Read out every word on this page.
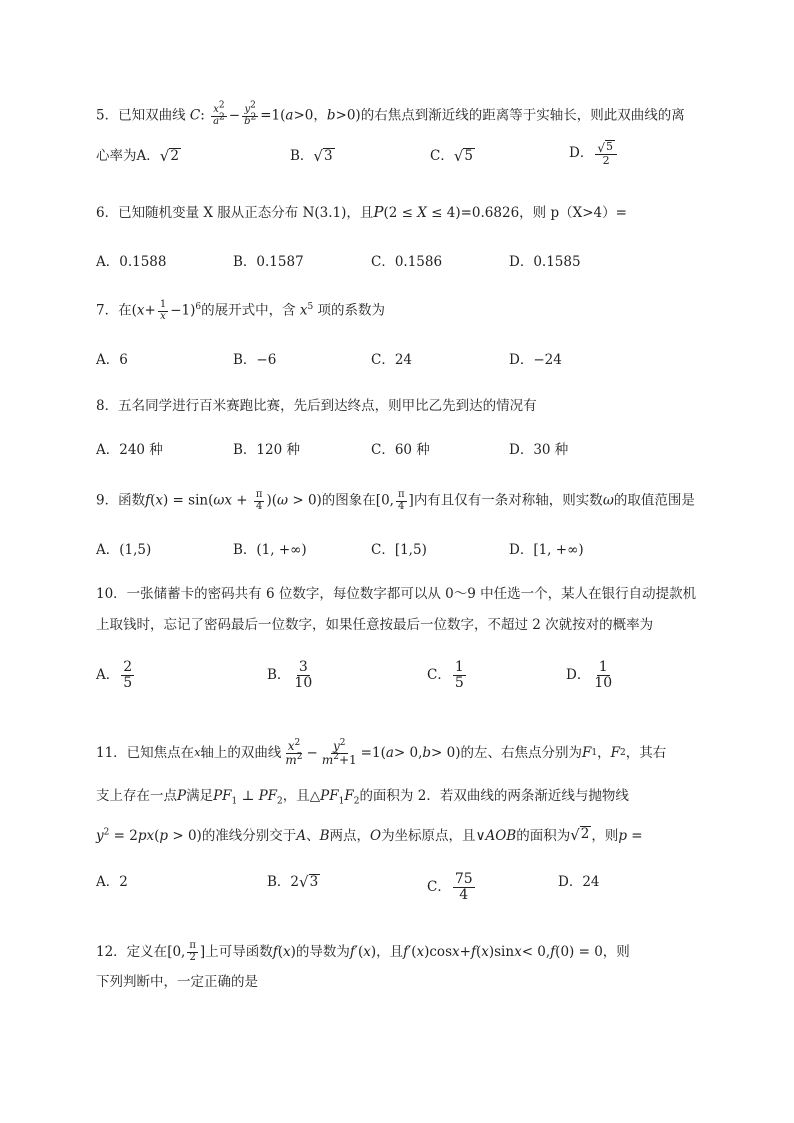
5．已知双曲线 C: $\frac{x^2}{a^2} - \frac{y^2}{b^2} =1(a>0$，b>0)的右焦点到渐近线的距离等于实轴长，则此双曲线的离
心率为 A． √ 2	B． √ 3	C． √ 5	D． $\frac{√ 5}{2}$
6．已知随机变量 X 服从正态分布 N(3.1)，且P(2 ≤ X ≤ 4)=0.6826，则 p（X>4）=
A．0.1588	B．0.1587	C．0.1586	D．0.1585
7．在$(x+ \frac{1}{x} -1)^6$的展开式中，含 $x^5$ 项的系数为
A．6	B．−6	C．24	D．−24
8．五名同学进行百米赛跑比赛，先后到达终点，则甲比乙先到达的情况有
A．240 种	B．120 种	C．60 种	D．30 种
9．函数$f(x) = \sin(\omega x + \frac{\pi}{4} )(\omega > 0)$的图象在[0, $\frac{\pi}{4}$ ]内有且仅有一条对称轴，则实数ω的取值范围是
A．(1,5)	B．(1, +∞)	C．[1,5)	D．[1, +∞)
10．一张储蓄卡的密码共有 6 位数字，每位数字都可以从 0～9 中任选一个，某人在银行自动提款机
上取钱时，忘记了密码最后一位数字，如果任意按最后一位数字，不超过 2 次就按对的概率为
A． $\frac{2}{5}$	B． $\frac{3}{10}$	C． $\frac{1}{5}$	D． $\frac{1}{10}$
11．已知焦点在 x 轴上的双曲线 $\frac{x^2}{m^2} - \frac{y^2}{m^2+1} =1$( a > 0, b > 0) 的左、右焦点分别为 F 1 ， F 2 ，其右
支上存在一点P满足$PF_1$ ⊥ $PF_2$，且$\triangle PF_1F_2$的面积为 2．若双曲线的两条渐近线与抛物线
$y^2 = 2px(p > 0)$的准线分别交于A、B两点，O为坐标原点，且∨AOB的面积为 √ 2 ，则p =
A．2	B． 2 √ 3	C． $\frac{75}{4}$	D．24
12．定义在 [0, $\frac{\pi}{2}$ ] 上可导函数 f ( x ) 的导数为 f ′( x ) ，且 f ′( x )cos x + f ( x )sin x < 0, f (0) = 0 ，则
下列判断中，一定正确的是
